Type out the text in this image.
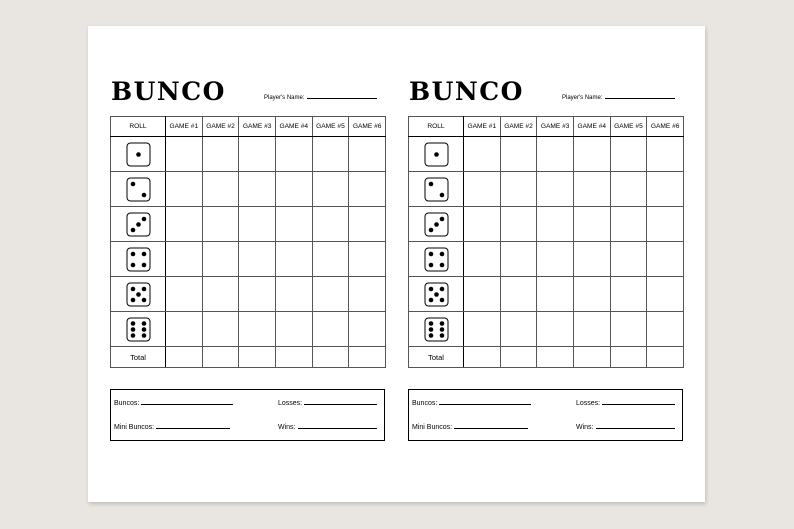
BUNCO	Player's Name:
ROLL	GAME #1	GAME #2	GAME #3	GAME #4	GAME #5	GAME #6

Total						
Buncos:	Losses:
Mini Buncos:	Wins:
BUNCO	Player's Name:
ROLL	GAME #1	GAME #2	GAME #3	GAME #4	GAME #5	GAME #6

Total						
Buncos:	Losses:
Mini Buncos:	Wins:
